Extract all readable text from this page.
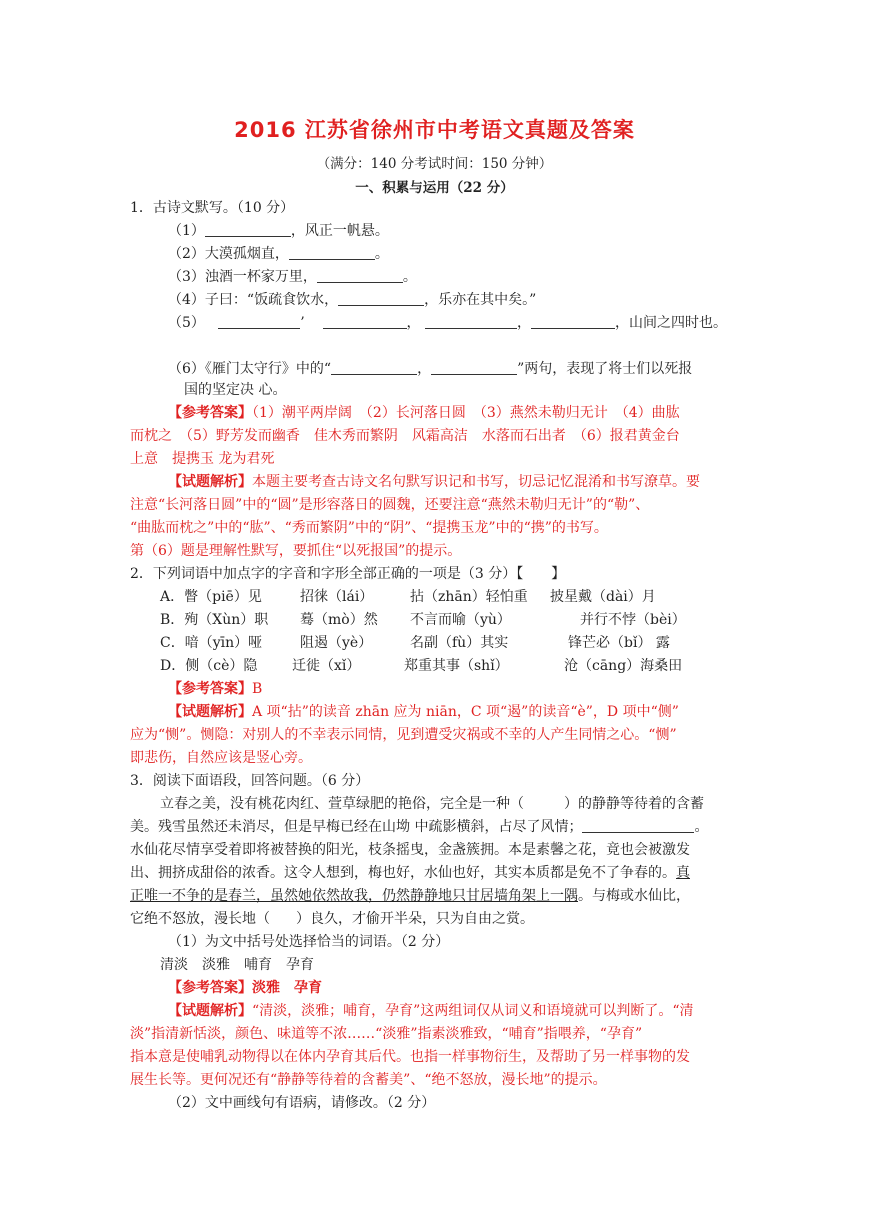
2016 江苏省徐州市中考语文真题及答案
（满分：140 分考试时间：150 分钟）
一、积累与运用（22 分）
1．古诗文默写。（10 分）
（1）	，风正一帆悬。
（2）大漠孤烟直，	。
（3）浊酒一杯家万里，	。
（4）子曰：“饭疏食饮水，	，乐亦在其中矣。”
（5）	’	，	，	，山间之四时也。
（6）《雁门太守行》中的“	，	”两句，表现了将士们以死报
国的坚定决 心。
【参考答案】（1）潮平两岸阔　（2）长河落日圆　（3）燕然未勒归无计　（4）曲肱
而枕之　（5）野芳发而幽香　佳木秀而繁阴　风霜高洁　水落而石出者　（6）报君黄金台
上意　提携玉 龙为君死
【试题解析】本题主要考查古诗文名句默写识记和书写，切忌记忆混淆和书写潦草。要
注意“长河落日圆”中的“圆”是形容落日的圆魏，还要注意“燕然未勒归无计”的“勒”、
“曲肱而枕之”中的“肱”、“秀而繁阴”中的“阴”、“提携玉龙”中的“携”的书写。
第（6）题是理解性默写，要抓住“以死报国”的提示。
2．下列词语中加点字的字音和字形全部正确的一项是（3 分）【　　】
A．瞥（piē）见	招徕（lái）	拈（zhān）轻怕重 披星戴（dài）月
B．殉（Xùn）职 蓦（mò）然 不言而喻（yù）	并行不悖（bèi）
C．喑（yīn）哑	阻遏（yè）	名副（fù）其实	锋芒必（bǐ） 露
D．侧（cè）隐 迁徙（xǐ）	郑重其事（shǐ）	沧（cāng）海桑田
【参考答案】B
【试题解析】A 项“拈”的读音 zhān 应为 niān，C 项“遏”的读音“è”，D 项中“侧”
应为“恻”。恻隐：对别人的不幸表示同情，见到遭受灾祸或不幸的人产生同情之心。“恻”
即悲伤，自然应该是竖心旁。
3．阅读下面语段，回答问题。（6 分）
立春之美，没有桃花肉红、萱草绿肥的艳俗，完全是一种（	）的静静等待着的含蓄
美。残雪虽然还未消尽，但是早梅已经在山坳 中疏影横斜，占尽了风情；	。
水仙花尽情享受着即将被替换的阳光，枝条摇曳，金盏簇拥。本是素馨之花，竟也会被激发
出、拥挤成甜俗的浓香。这令人想到，梅也好，水仙也好，其实本质都是免不了争春的。真
正唯一不争的是春兰，虽然她依然故我，仍然静静地只甘居墙角架上一隅。与梅或水仙比，
它绝不怒放，漫长地（ ）良久，才偷开半朵，只为自由之赏。
（1）为文中括号处选择恰当的词语。（2 分）
清淡　淡雅　哺育　孕育
【参考答案】淡雅　孕育
【试题解析】“清淡，淡雅；哺育，孕育”这两组词仅从词义和语境就可以判断了。“清
淡”指清新恬淡，颜色、味道等不浓……“淡雅”指素淡雅致，“哺育”指喂养，“孕育”
指本意是使哺乳动物得以在体内孕育其后代。也指一样事物衍生，及帮助了另一样事物的发
展生长等。更何况还有“静静等待着的含蓄美”、“绝不怒放，漫长地”的提示。
（2）文中画线句有语病，请修改。（2 分）
